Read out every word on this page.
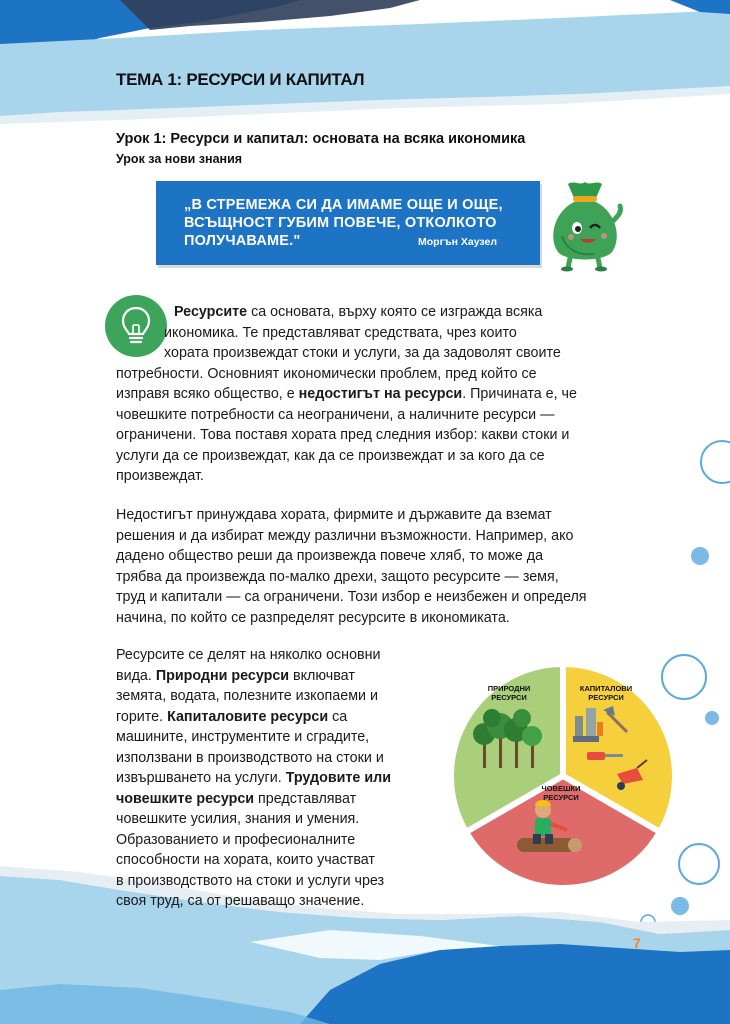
ТЕМА 1: РЕСУРСИ И КАПИТАЛ
Урок 1: Ресурси и капитал: основата на всяка икономика
Урок за нови знания
„В СТРЕМЕЖА СИ ДА ИМАМЕ ОЩЕ И ОЩЕ,
ВСЪЩНОСТ ГУБИМ ПОВЕЧЕ, ОТКОЛКОТО
ПОЛУЧАВАМЕ."	Моргън Хаузел
Ресурсите са основата, върху която се изгражда всяка
икономика. Те представляват средствата, чрез които
хората произвеждат стоки и услуги, за да задоволят своите
потребности. Основният икономически проблем, пред който се
изправя всяко общество, е недостигът на ресурси. Причината е, че
човешките потребности са неограничени, а наличните ресурси —
ограничени. Това поставя хората пред следния избор: какви стоки и
услуги да се произвеждат, как да се произвеждат и за кого да се
произвеждат.
Недостигът принуждава хората, фирмите и държавите да вземат
решения и да избират между различни възможности. Например, ако
дадено общество реши да произвежда повече хляб, то може да
трябва да произвежда по-малко дрехи, защото ресурсите — земя,
труд и капитали — са ограничени. Този избор е неизбежен и определя
начина, по който се разпределят ресурсите в икономиката.
Ресурсите се делят на няколко основни
вида. Природни ресурси включват
земята, водата, полезните изкопаеми и
горите. Капиталовите ресурси са
машините, инструментите и сградите,
използвани в производството на стоки и
извършването на услуги. Трудовите или
човешките ресурси представляват
човешките усилия, знания и умения.
Образованието и професионалните
способности на хората, които участват
в производството на стоки и услуги чрез
своя труд, са от решаващо значение.
ПРИРОДНИ
РЕСУРСИ
КАПИТАЛОВИ
РЕСУРСИ
ЧОВЕШКИ
РЕСУРСИ
7
